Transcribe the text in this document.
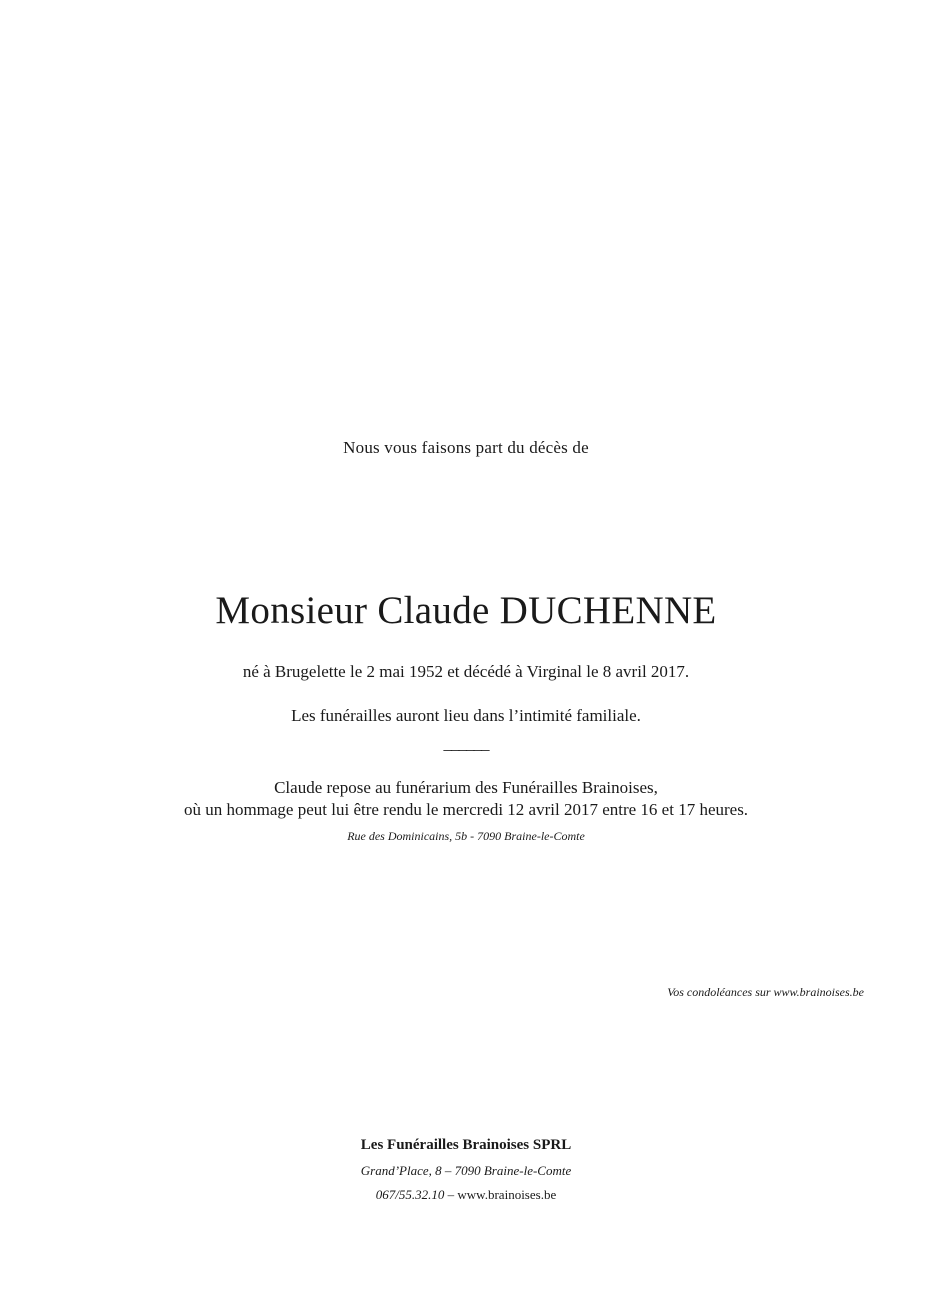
Nous vous faisons part du décès de
Monsieur Claude DUCHENNE
né à Brugelette le 2 mai 1952 et décédé à Virginal le 8 avril 2017.
Les funérailles auront lieu dans l’intimité familiale.
______
Claude repose au funérarium des Funérailles Brainoises,
où un hommage peut lui être rendu le mercredi 12 avril 2017 entre 16 et 17 heures.
Rue des Dominicains, 5b - 7090 Braine-le-Comte
Vos condoléances sur www.brainoises.be
Les Funérailles Brainoises SPRL
Grand’Place, 8 – 7090 Braine-le-Comte
067/55.32.10 – www.brainoises.be
